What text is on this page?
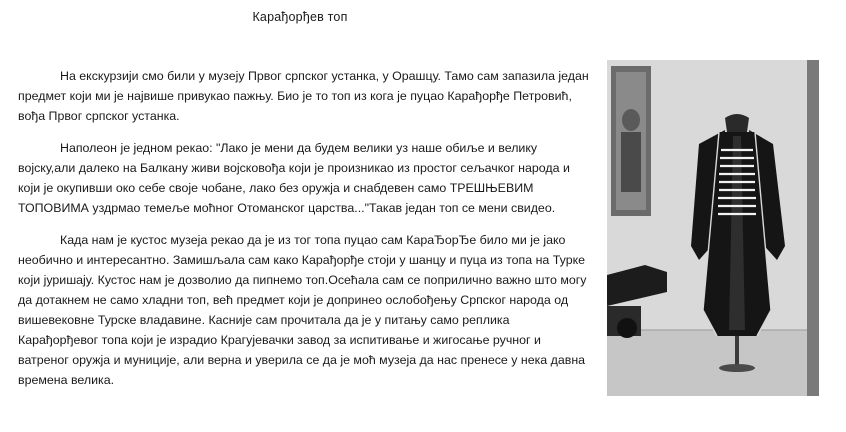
Карађорђев топ

На екскурзији смо били у музеју Првог српског устанка, у Орашцу. Тамо сам запазила један предмет који ми је највише привукао пажњу. Био је то топ из кога је пуцао Карађорђе Петровић, вођа Првог српског устанка.

Наполеон је једном рекао: "Лако је мени да будем велики уз наше обиље и велику војску,али далеко на Балкану живи војсковођа који је произникао из простог сељачког народа и који је окупивши око себе своје чобане, лако без оружја и снабдевен само ТРЕШЊЕВИМ ТОПОВИМА уздрмао темеље моћног Отоманског царства..."Такав један топ се мени свидео.

Када нам је кустос музеја рекао да је из тог топа пуцао сам КараЂорЂе било ми је јако необично и интересантно. Замишљала сам како Карађорђе стоји у шанцу и пуца из топа на Турке који јуришају. Кустос нам је дозволио да пипнемо топ.Осећала сам се поприлично важно што могу да дотакнем не само хладни топ, већ предмет који је допринео ослобођењу Српског народа од вишевековне Турске владавине. Касније сам прочитала да је у питању само реплика Карађорђевог топа који је израдио Крагујевачки завод за испитивање и жигосање ручног и ватреног оружја и муниције, али верна и уверила се да је моћ музеја да нас пренесе у нека давна времена велика.
